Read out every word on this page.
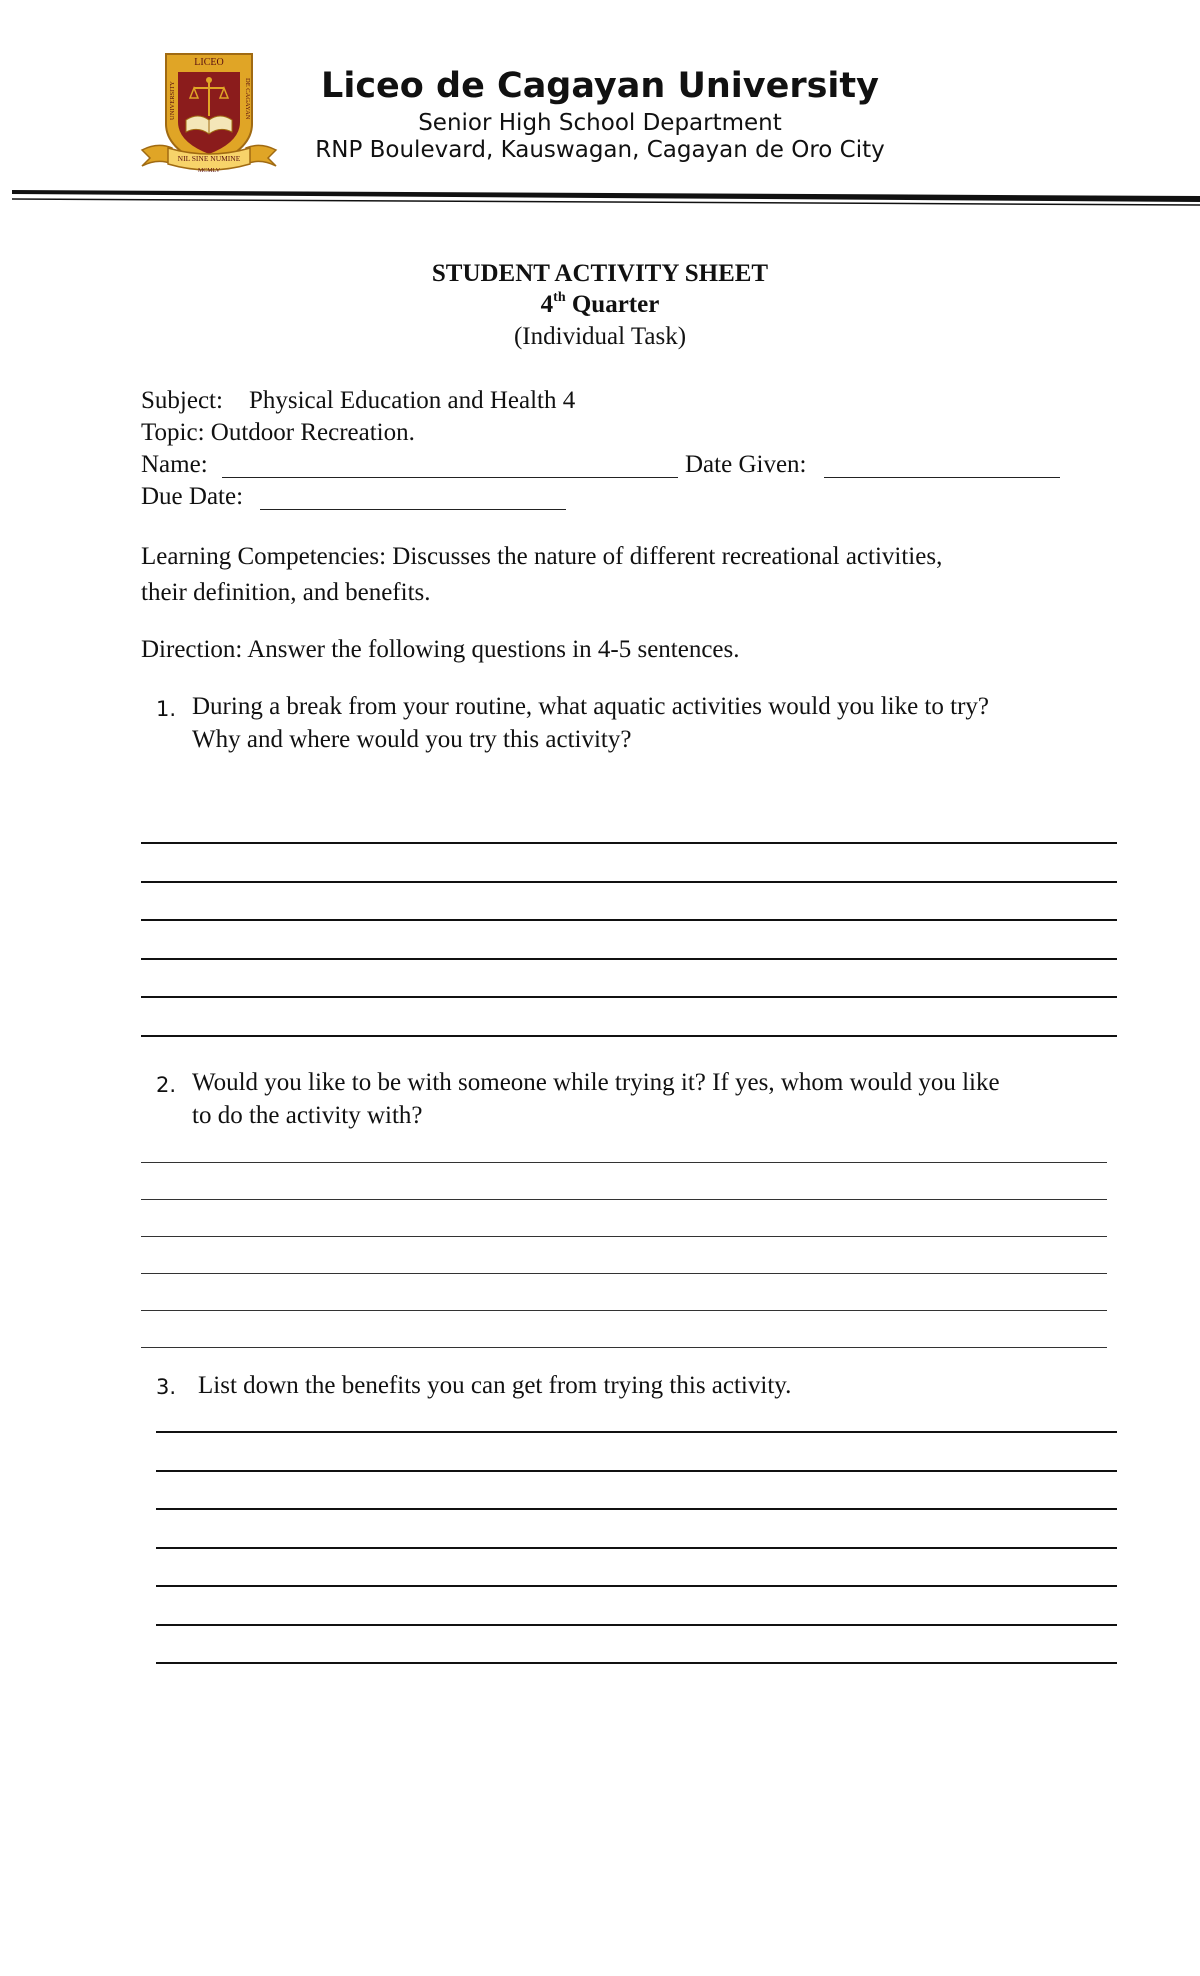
LICEO
NIL SINE NUMINE
MCMLV
UNIVERSITY	DE CAGAYAN	Liceo de Cagayan University
Senior High School Department
RNP Boulevard, Kauswagan, Cagayan de Oro City
STUDENT ACTIVITY SHEET
4th Quarter
(Individual Task)
Subject: Physical Education and Health 4
Topic: Outdoor Recreation.
Name:	Date Given:
Due Date:
Learning Competencies: Discusses the nature of different recreational activities,
their definition, and benefits.
Direction: Answer the following questions in 4-5 sentences.
1. During a break from your routine, what aquatic activities would you like to try?
Why and where would you try this activity?
2. Would you like to be with someone while trying it? If yes, whom would you like
to do the activity with?
3. List down the benefits you can get from trying this activity.
